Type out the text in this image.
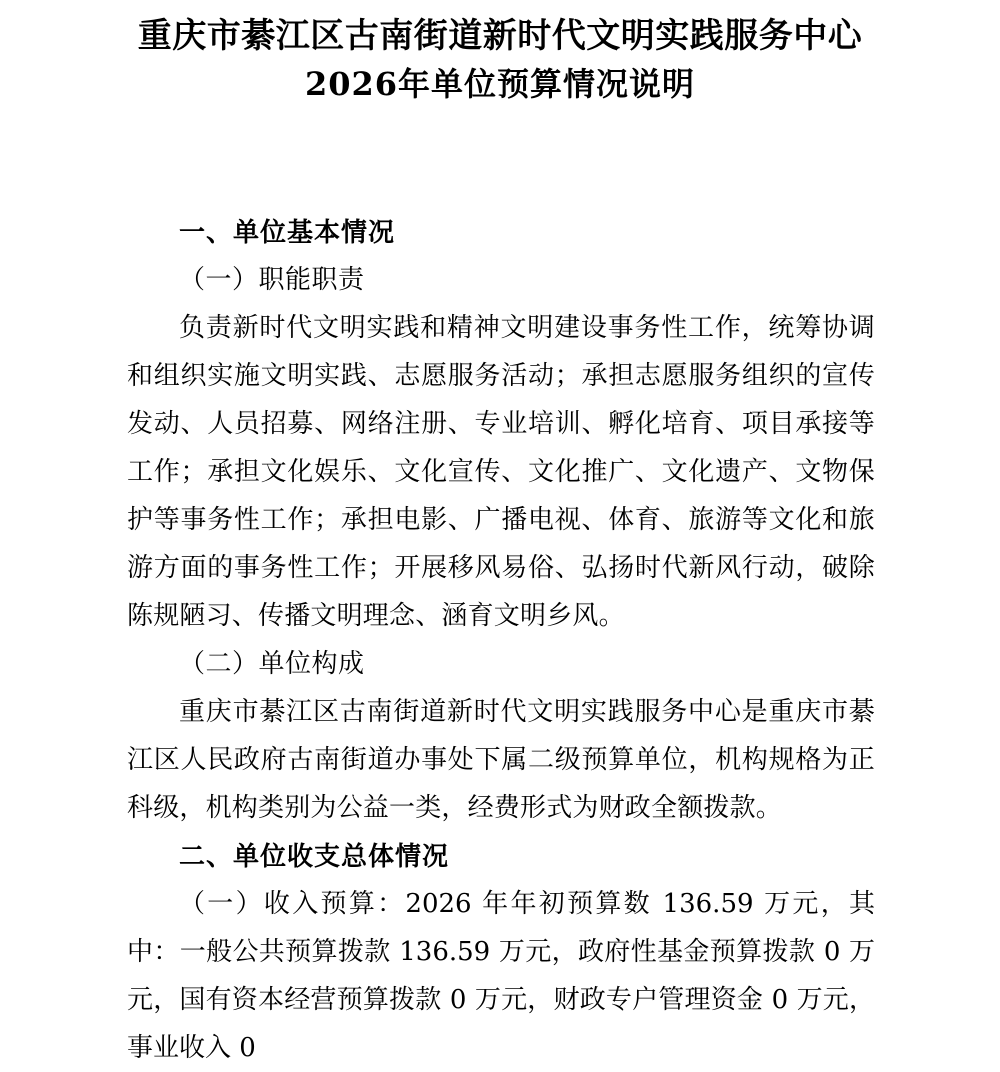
重庆市綦江区古南街道新时代文明实践服务中心
2026年单位预算情况说明

一、单位基本情况

（一）职能职责

负责新时代文明实践和精神文明建设事务性工作，统筹协调和组织实施文明实践、志愿服务活动；承担志愿服务组织的宣传发动、人员招募、网络注册、专业培训、孵化培育、项目承接等工作；承担文化娱乐、文化宣传、文化推广、文化遗产、文物保护等事务性工作；承担电影、广播电视、体育、旅游等文化和旅游方面的事务性工作；开展移风易俗、弘扬时代新风行动，破除陈规陋习、传播文明理念、涵育文明乡风。

（二）单位构成

重庆市綦江区古南街道新时代文明实践服务中心是重庆市綦江区人民政府古南街道办事处下属二级预算单位，机构规格为正科级，机构类别为公益一类，经费形式为财政全额拨款。

二、单位收支总体情况

（一）收入预算：2026 年年初预算数 136.59 万元，其中：一般公共预算拨款 136.59 万元，政府性基金预算拨款 0 万元，国有资本经营预算拨款 0 万元，财政专户管理资金 0 万元，事业收入 0
